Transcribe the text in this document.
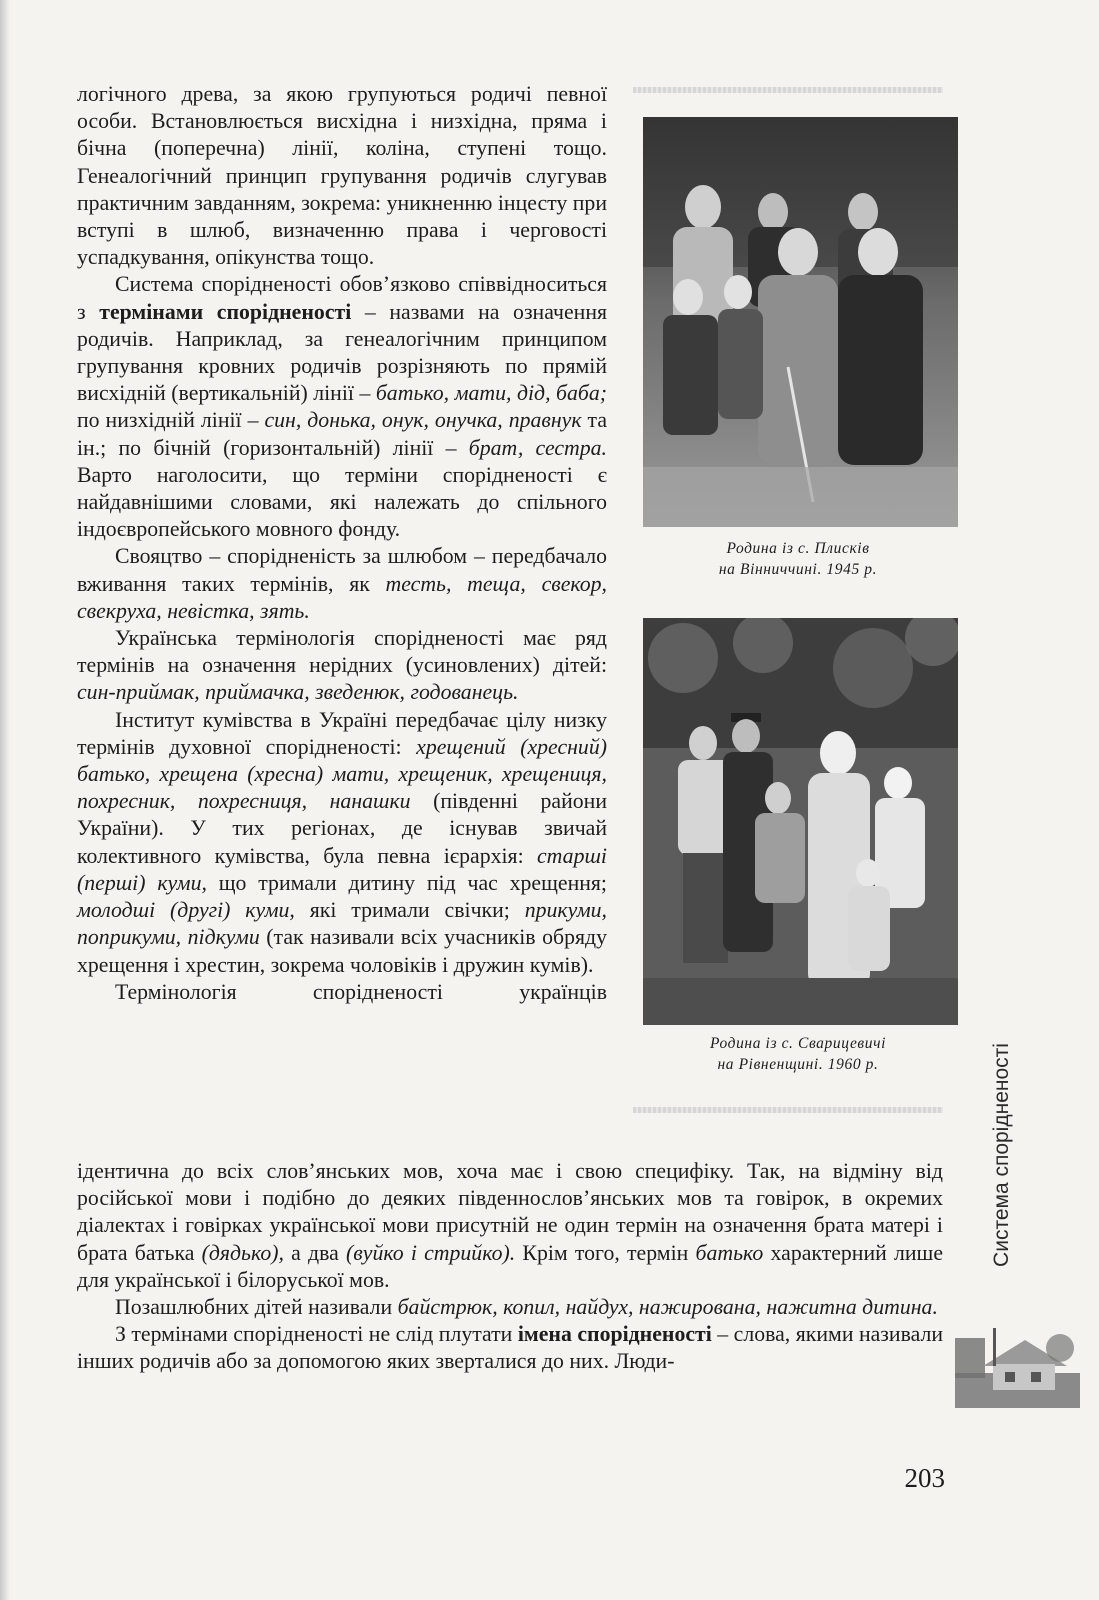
логічного древа, за якою групуються родичі певної особи. Встановлюється висхідна і низхідна, пряма і бічна (поперечна) лінії, коліна, ступені тощо. Генеалогічний принцип групування родичів слугував практичним завданням, зокрема: уникненню інцесту при вступі в шлюб, визначенню права і черговості успадкування, опікунства тощо.

Система спорідненості обов’язково співвідноситься з термінами спорідненості – назвами на означення родичів. Наприклад, за генеалогічним принципом групування кровних родичів розрізняють по прямій висхідній (вертикальній) лінії – батько, мати, дід, баба; по низхідній лінії – син, донька, онук, онучка, правнук та ін.; по бічній (горизонтальній) лінії – брат, сестра. Варто наголосити, що терміни спорідненості є найдавнішими словами, які належать до спільного індоєвропейського мовного фонду.

Свояцтво – спорідненість за шлюбом – передбачало вживання таких термінів, як тесть, теща, свекор, свекруха, невістка, зять.

Українська термінологія спорідненості має ряд термінів на означення нерідних (усиновлених) дітей: син-приймак, приймачка, зведенюк, годованець.

Інститут кумівства в Україні передбачає цілу низку термінів духовної спорідненості: хрещений (хресний) батько, хрещена (хресна) мати, хрещеник, хрещениця, похресник, похресниця, нанашки (південні райони України). У тих регіонах, де існував звичай колективного кумівства, була певна ієрархія: старші (перші) куми, що тримали дитину під час хрещення; молодші (другі) куми, які тримали свічки; прикуми, поприкуми, підкуми (так називали всіх учасників обряду хрещення і хрестин, зокрема чоловіків і дружин кумів).

Термінологія спорідненості українців

ідентична до всіх слов’янських мов, хоча має і свою специфіку. Так, на відміну від російської мови і подібно до деяких південнослов’янських мов та говірок, в окремих діалектах і говірках української мови присутній не один термін на означення брата матері і брата батька (дядько), а два (вуйко і стрийко). Крім того, термін батько характерний лише для української і білоруської мов.

Позашлюбних дітей називали байстрюк, копил, найдух, нажирована, нажитна дитина.

З термінами спорідненості не слід плутати імена спорідненості – слова, якими називали інших родичів або за допомогою яких зверталися до них. Люди-

Родина із с. Плисків
на Вінниччині. 1945 р.
Родина із с. Сварицевичі
на Рівненщині. 1960 р.	Система спорідненості
203
